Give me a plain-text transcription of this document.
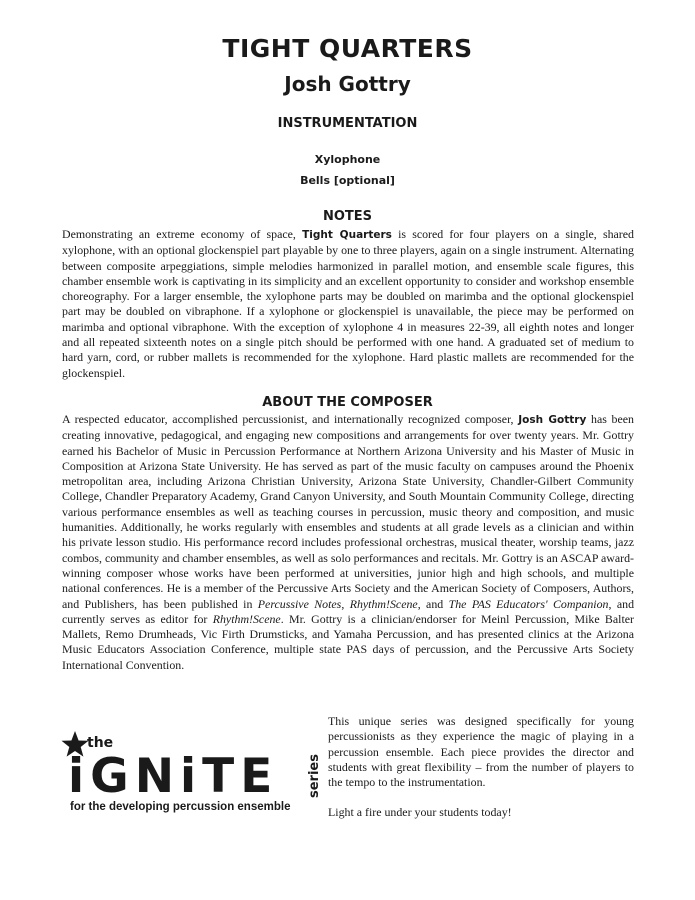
TIGHT QUARTERS
Josh Gottry
INSTRUMENTATION
Xylophone
Bells [optional]
NOTES
Demonstrating an extreme economy of space, Tight Quarters is scored for four players on a single, shared xylophone, with an optional glockenspiel part playable by one to three players, again on a single instrument. Alternating between composite arpeggiations, simple melodies harmonized in parallel motion, and ensemble scale figures, this chamber ensemble work is captivating in its simplicity and an excellent opportunity to consider and workshop ensemble choreography. For a larger ensemble, the xylophone parts may be doubled on marimba and the optional glockenspiel part may be doubled on vibraphone. If a xylophone or glockenspiel is unavailable, the piece may be performed on marimba and optional vibraphone. With the exception of xylophone 4 in measures 22-39, all eighth notes and longer and all repeated sixteenth notes on a single pitch should be performed with one hand. A graduated set of medium to hard yarn, cord, or rubber mallets is recommended for the xylophone. Hard plastic mallets are recommended for the glockenspiel.
ABOUT THE COMPOSER
A respected educator, accomplished percussionist, and internationally recognized composer, Josh Gottry has been creating innovative, pedagogical, and engaging new compositions and arrangements for over twenty years. Mr. Gottry earned his Bachelor of Music in Percussion Performance at Northern Arizona University and his Master of Music in Composition at Arizona State University. He has served as part of the music faculty on campuses around the Phoenix metropolitan area, including Arizona Christian University, Arizona State University, Chandler-Gilbert Community College, Chandler Preparatory Academy, Grand Canyon University, and South Mountain Community College, directing various performance ensembles as well as teaching courses in percussion, music theory and composition, and music humanities. Additionally, he works regularly with ensembles and students at all grade levels as a clinician and within his private lesson studio. His performance record includes professional orchestras, musical theater, worship teams, jazz combos, community and chamber ensembles, as well as solo performances and recitals. Mr. Gottry is an ASCAP award-winning composer whose works have been performed at universities, junior high and high schools, and multiple national conferences. He is a member of the Percussive Arts Society and the American Society of Composers, Authors, and Publishers, has been published in Percussive Notes, Rhythm!Scene, and The PAS Educators' Companion, and currently serves as editor for Rhythm!Scene. Mr. Gottry is a clinician/endorser for Meinl Percussion, Mike Balter Mallets, Remo Drumheads, Vic Firth Drumsticks, and Yamaha Percussion, and has presented clinics at the Arizona Music Educators Association Conference, multiple state PAS days of percussion, and the Percussive Arts Society International Convention.
the
iGNiTE series
for the developing percussion ensemble
This unique series was designed specifically for young percussionists as they experience the magic of playing in a percussion ensemble. Each piece provides the director and students with great flexibility – from the number of players to the tempo to the instrumentation.
Light a fire under your students today!
